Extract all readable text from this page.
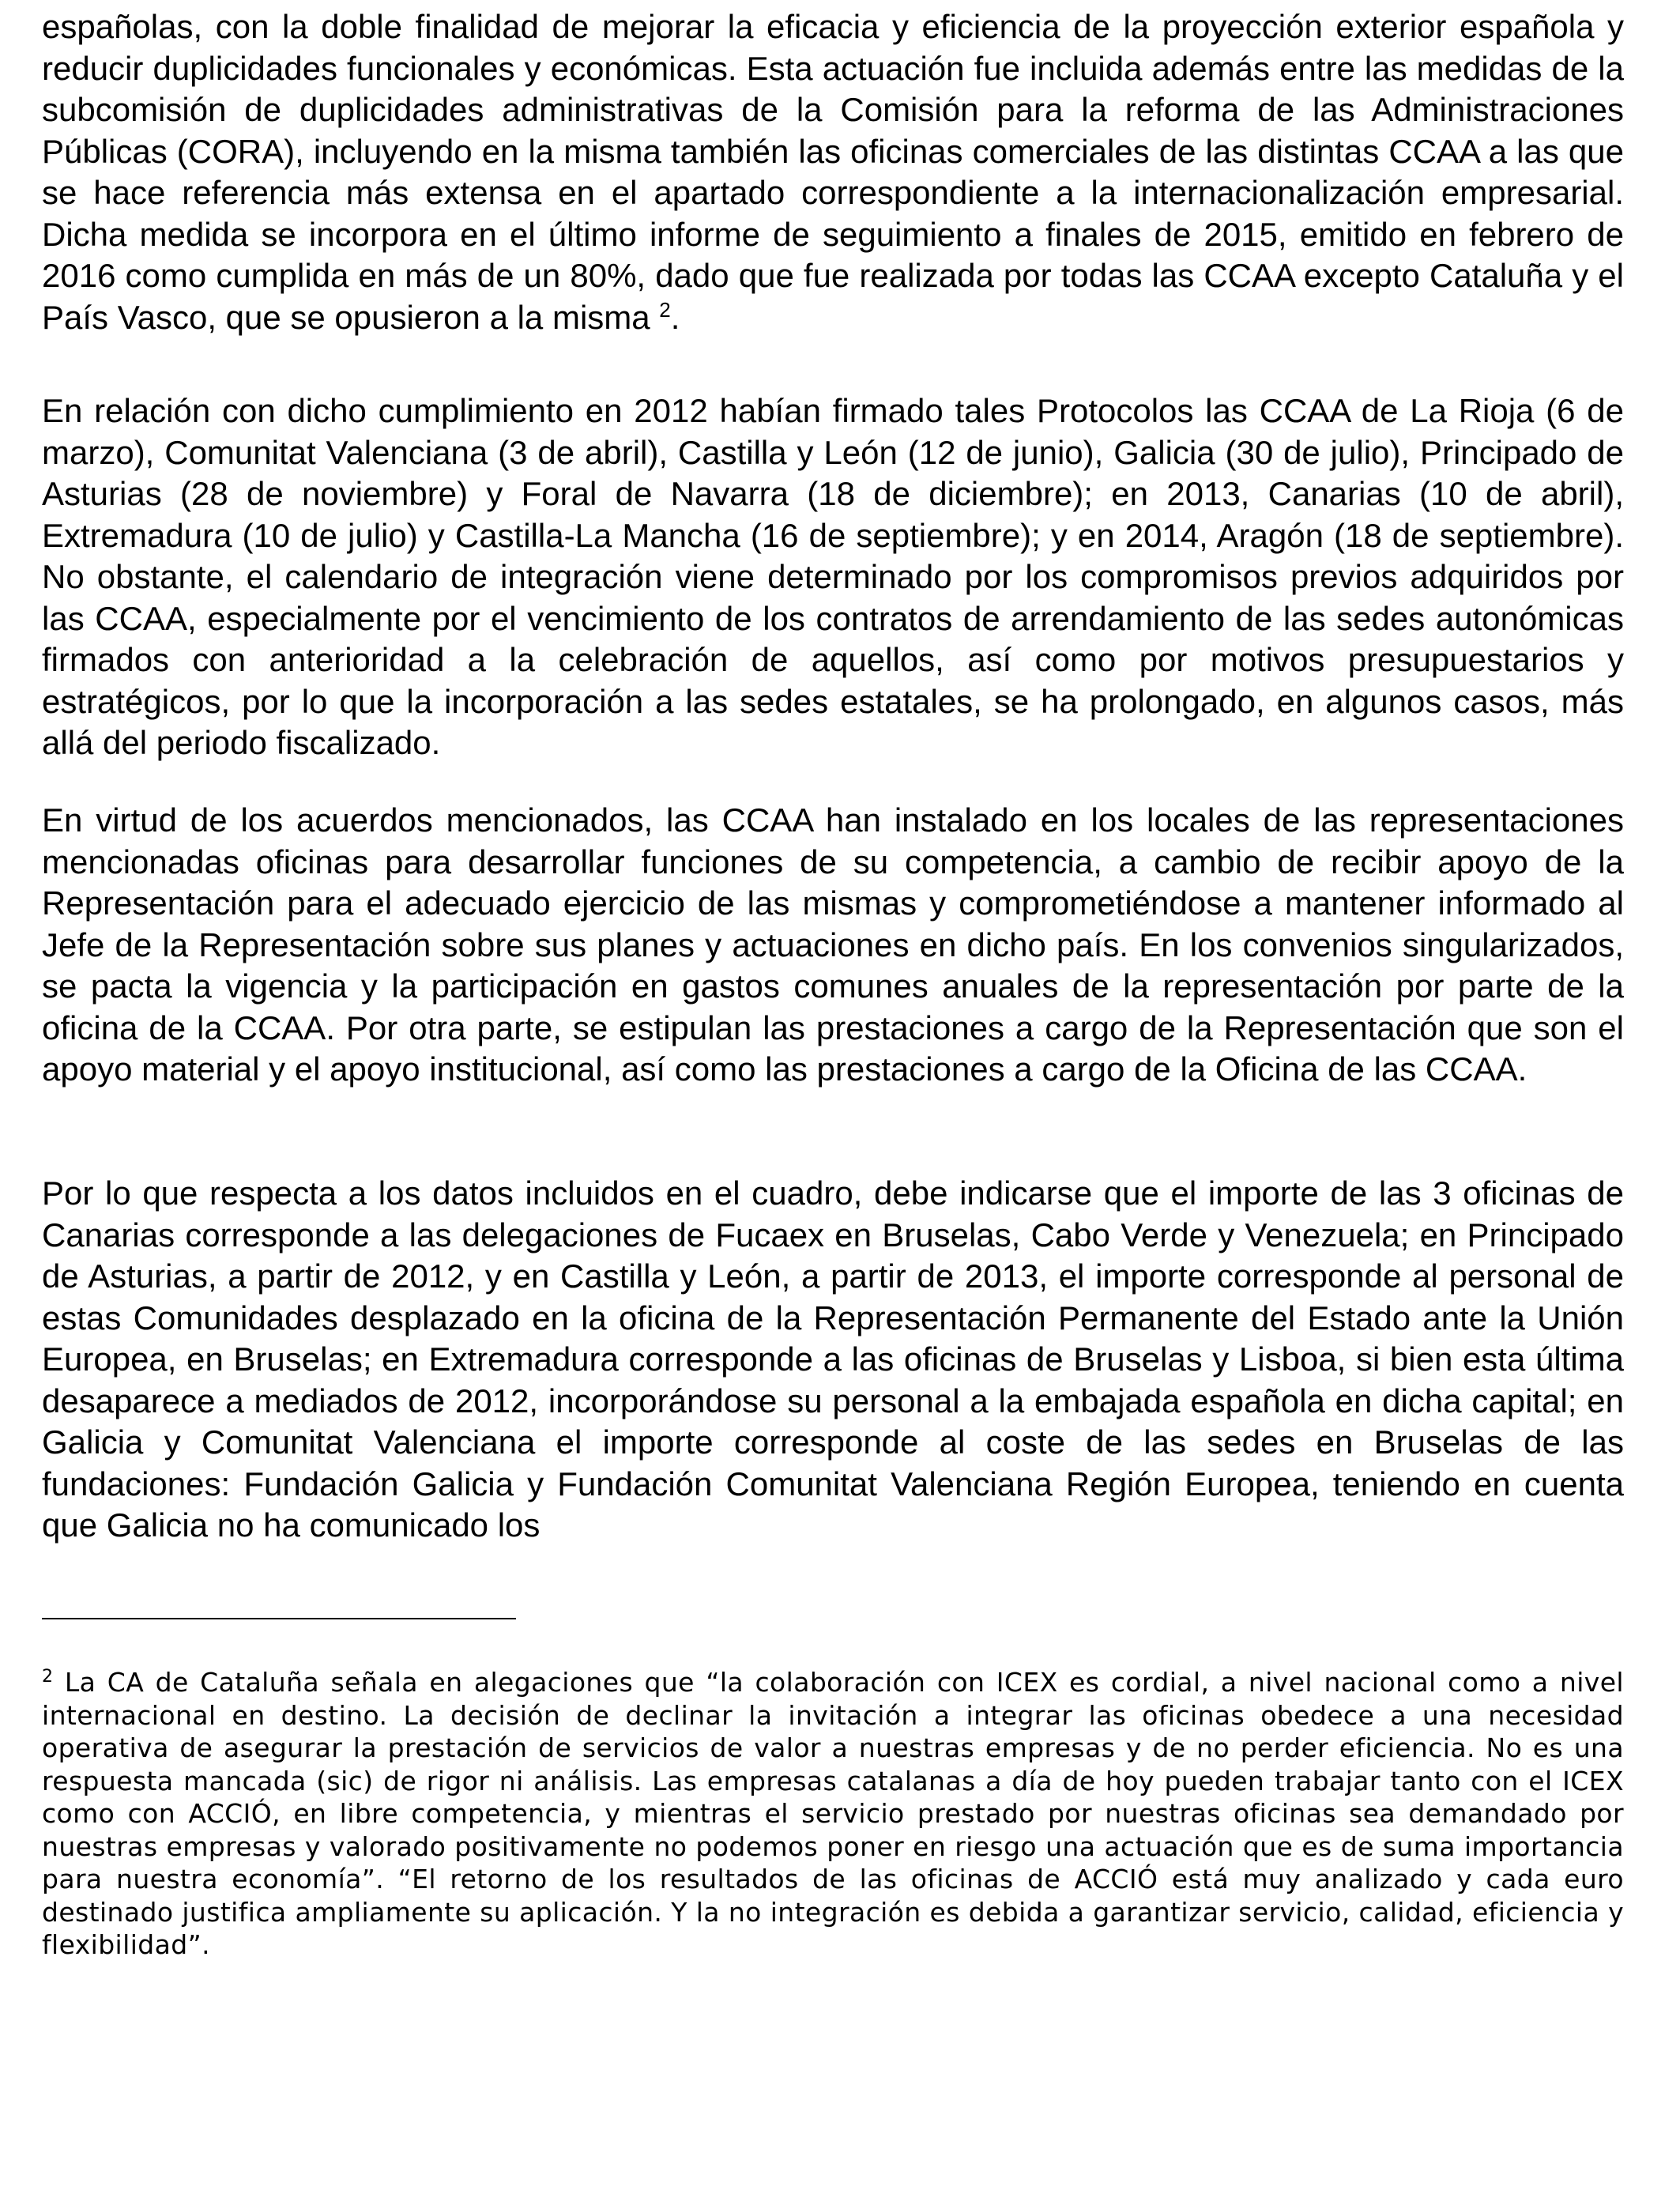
españolas, con la doble finalidad de mejorar la eficacia y eficiencia de la proyección exterior española y reducir duplicidades funcionales y económicas. Esta actuación fue incluida además entre las medidas de la subcomisión de duplicidades administrativas de la Comisión para la reforma de las Administraciones Públicas (CORA), incluyendo en la misma también las oficinas comerciales de las distintas CCAA a las que se hace referencia más extensa en el apartado correspondiente a la internacionalización empresarial. Dicha medida se incorpora en el último informe de seguimiento a finales de 2015, emitido en febrero de 2016 como cumplida en más de un 80%, dado que fue realizada por todas las CCAA excepto Cataluña y el País Vasco, que se opusieron a la misma $^2$.

En relación con dicho cumplimiento en 2012 habían firmado tales Protocolos las CCAA de La Rioja (6 de marzo), Comunitat Valenciana (3 de abril), Castilla y León (12 de junio), Galicia (30 de julio), Principado de Asturias (28 de noviembre) y Foral de Navarra (18 de diciembre); en 2013, Canarias (10 de abril), Extremadura (10 de julio) y Castilla-La Mancha (16 de septiembre); y en 2014, Aragón (18 de septiembre). No obstante, el calendario de integración viene determinado por los compromisos previos adquiridos por las CCAA, especialmente por el vencimiento de los contratos de arrendamiento de las sedes autonómicas firmados con anterioridad a la celebración de aquellos, así como por motivos presupuestarios y estratégicos, por lo que la incorporación a las sedes estatales, se ha prolongado, en algunos casos, más allá del periodo fiscalizado.

En virtud de los acuerdos mencionados, las CCAA han instalado en los locales de las representaciones mencionadas oficinas para desarrollar funciones de su competencia, a cambio de recibir apoyo de la Representación para el adecuado ejercicio de las mismas y comprometiéndose a mantener informado al Jefe de la Representación sobre sus planes y actuaciones en dicho país. En los convenios singularizados, se pacta la vigencia y la participación en gastos comunes anuales de la representación por parte de la oficina de la CCAA. Por otra parte, se estipulan las prestaciones a cargo de la Representación que son el apoyo material y el apoyo institucional, así como las prestaciones a cargo de la Oficina de las CCAA.

Por lo que respecta a los datos incluidos en el cuadro, debe indicarse que el importe de las 3 oficinas de Canarias corresponde a las delegaciones de Fucaex en Bruselas, Cabo Verde y Venezuela; en Principado de Asturias, a partir de 2012, y en Castilla y León, a partir de 2013, el importe corresponde al personal de estas Comunidades desplazado en la oficina de la Representación Permanente del Estado ante la Unión Europea, en Bruselas; en Extremadura corresponde a las oficinas de Bruselas y Lisboa, si bien esta última desaparece a mediados de 2012, incorporándose su personal a la embajada española en dicha capital; en Galicia y Comunitat Valenciana el importe corresponde al coste de las sedes en Bruselas de las fundaciones: Fundación Galicia y Fundación Comunitat Valenciana Región Europea, teniendo en cuenta que Galicia no ha comunicado los

$^2$ La CA de Cataluña señala en alegaciones que “la colaboración con ICEX es cordial, a nivel nacional como a nivel internacional en destino. La decisión de declinar la invitación a integrar las oficinas obedece a una necesidad operativa de asegurar la prestación de servicios de valor a nuestras empresas y de no perder eficiencia. No es una respuesta mancada (sic) de rigor ni análisis. Las empresas catalanas a día de hoy pueden trabajar tanto con el ICEX como con ACCIÓ, en libre competencia, y mientras el servicio prestado por nuestras oficinas sea demandado por nuestras empresas y valorado positivamente no podemos poner en riesgo una actuación que es de suma importancia para nuestra economía”. “El retorno de los resultados de las oficinas de ACCIÓ está muy analizado y cada euro destinado justifica ampliamente su aplicación. Y la no integración es debida a garantizar servicio, calidad, eficiencia y flexibilidad”.
